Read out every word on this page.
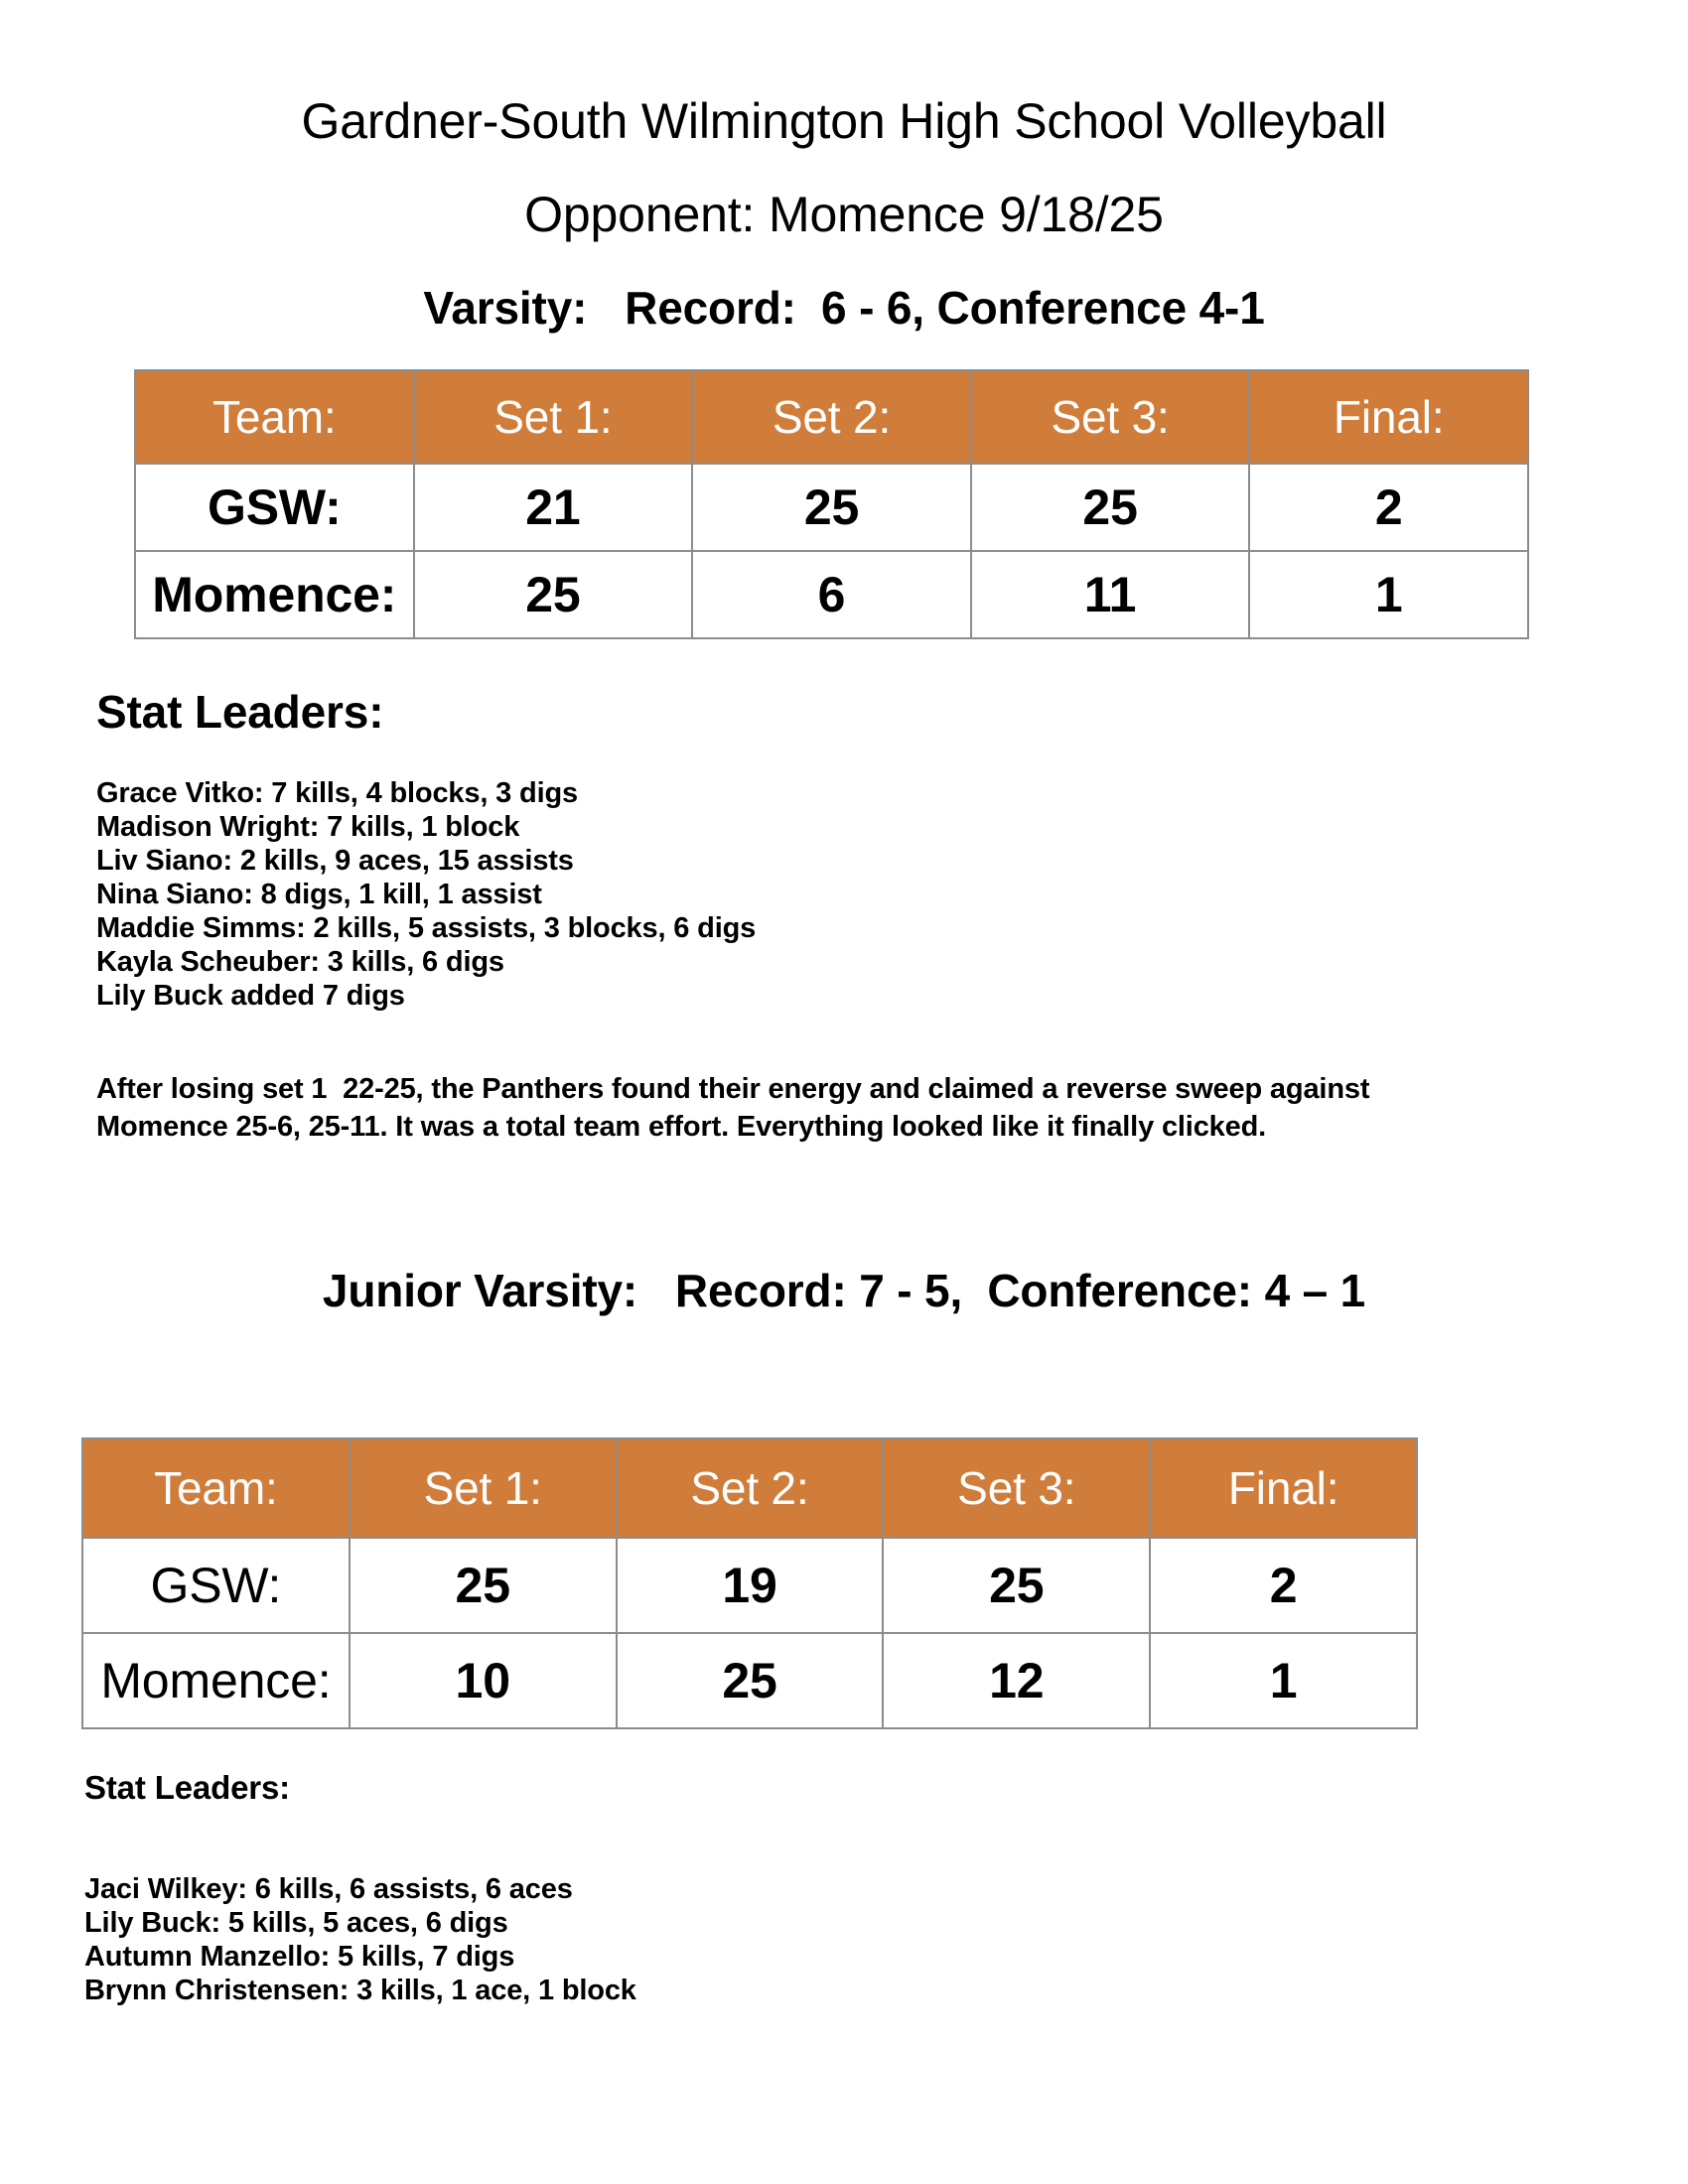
Gardner-South Wilmington High School Volleyball
Opponent: Momence 9/18/25
Varsity:   Record:  6 - 6, Conference 4-1
Team:	Set 1:	Set 2:	Set 3:	Final:
GSW:	21	25	25	2
Momence:	25	6	11	1
Stat Leaders:
Grace Vitko: 7 kills, 4 blocks, 3 digs
Madison Wright: 7 kills, 1 block
Liv Siano: 2 kills, 9 aces, 15 assists
Nina Siano: 8 digs, 1 kill, 1 assist
Maddie Simms: 2 kills, 5 assists, 3 blocks, 6 digs
Kayla Scheuber: 3 kills, 6 digs
Lily Buck added 7 digs
After losing set 1  22-25, the Panthers found their energy and claimed a reverse sweep against
Momence 25-6, 25-11. It was a total team effort. Everything looked like it finally clicked.
Junior Varsity:   Record: 7 - 5,  Conference: 4 – 1
Team:	Set 1:	Set 2:	Set 3:	Final:
GSW:	25	19	25	2
Momence:	10	25	12	1
Stat Leaders:
Jaci Wilkey: 6 kills, 6 assists, 6 aces
Lily Buck: 5 kills, 5 aces, 6 digs
Autumn Manzello: 5 kills, 7 digs
Brynn Christensen: 3 kills, 1 ace, 1 block
